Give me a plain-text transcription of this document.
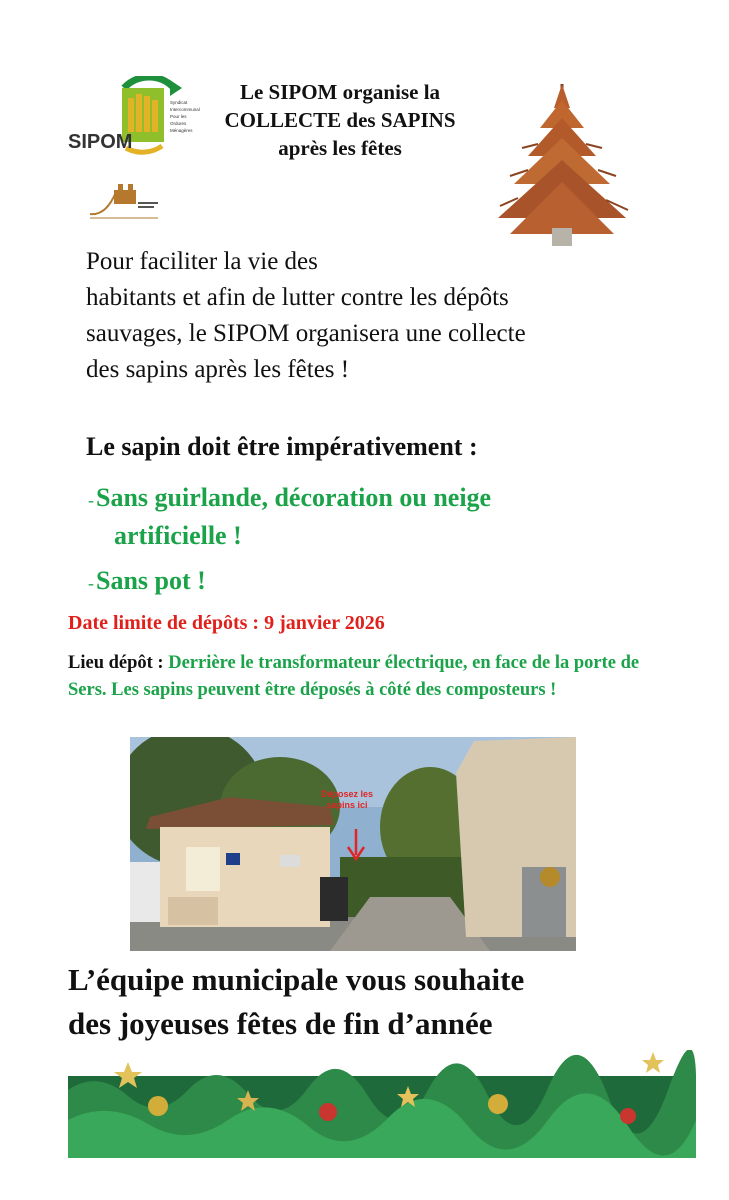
SIPOM
Syndicat
Intercommunal
Pour les
Ordures
Ménagères
Le SIPOM organise la
COLLECTE des SAPINS
après les fêtes
Pour faciliter la vie des
habitants et afin de lutter contre les dépôts
sauvages, le SIPOM organisera une collecte
des sapins après les fêtes !
Le sapin doit être impérativement :
-Sans guirlande, décoration ou neige
artificielle !
-Sans pot !
Date limite de dépôts : 9 janvier 2026
Lieu dépôt : Derrière le transformateur électrique, en face de la porte de Sers. Les sapins peuvent être déposés à côté des composteurs !
Déposez les
sapins ici
L’équipe municipale vous souhaite
des joyeuses fêtes de fin d’année
